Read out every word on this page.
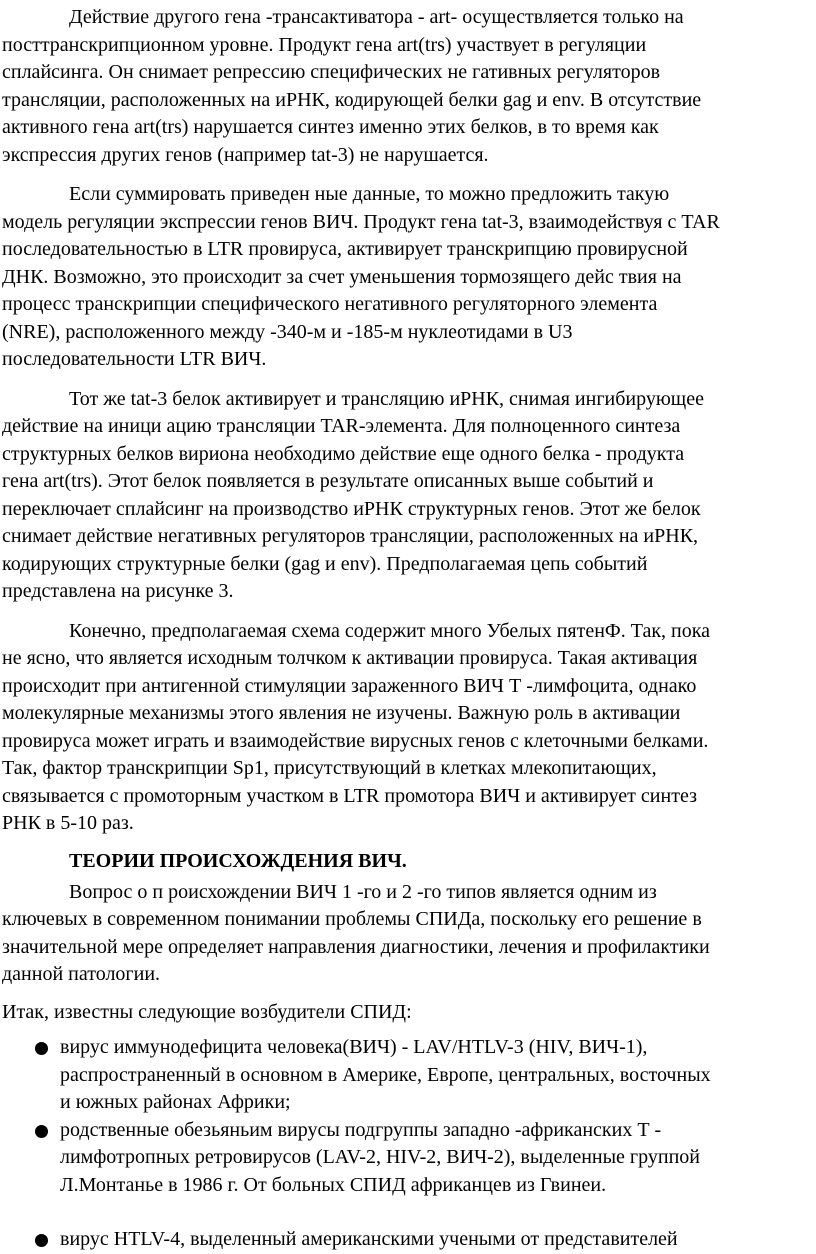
Действие другого гена -трансактиватора - art- осуществляется только на
посттранскрипционном уровне. Продукт гена art(trs) участвует в регуляции
сплайсинга. Он снимает репрессию специфических не гативных регуляторов
трансляции, расположенных на иРНК, кодирующей белки gag и env. В отсутствие
активного гена art(trs) нарушается синтез именно этих белков, в то время как
экспрессия других генов (например tat-3) не нарушается.

Если суммировать приведен ные данные, то можно предложить такую
модель регуляции экспрессии генов ВИЧ. Продукт гена tat-3, взаимодействуя с TAR
последовательностью в LTR провируса, активирует транскрипцию провирусной
ДНК. Возможно, это происходит за счет уменьшения тормозящего дейс твия на
процесс транскрипции специфического негативного регуляторного элемента
(NRE), расположенного между -340-м и -185-м нуклеотидами в U3
последовательности LTR ВИЧ.

Тот же tat-3 белок активирует и трансляцию иРНК, снимая ингибирующее
действие на иници ацию трансляции TAR-элемента. Для полноценного синтеза
структурных белков вириона необходимо действие еще одного белка - продукта
гена art(trs). Этот белок появляется в результате описанных выше событий и
переключает сплайсинг на производство иРНК структурных генов. Этот же белок
снимает действие негативных регуляторов трансляции, расположенных на иРНК,
кодирующих структурные белки (gag и env). Предполагаемая цепь событий
представлена на рисунке 3.

Конечно, предполагаемая схема содержит много Убелых пятенФ. Так, пока
не ясно, что является исходным толчком к активации провируса. Такая активация
происходит при антигенной стимуляции зараженного ВИЧ Т -лимфоцита, однако
молекулярные механизмы этого явления не изучены. Важную роль в активации
провируса может играть и взаимодействие вирусных генов с клеточными белками.
Так, фактор транскрипции Sp1, присутствующий в клетках млекопитающих,
связывается с промоторным участком в LTR промотора ВИЧ и активирует синтез
РНК в 5-10 раз.

ТЕОРИИ ПРОИСХОЖДЕНИЯ ВИЧ.

Вопрос о п роисхождении ВИЧ 1 -го и 2 -го типов является одним из
ключевых в современном понимании проблемы СПИДа, поскольку его решение в
значительной мере определяет направления диагностики, лечения и профилактики
данной патологии.

Итак, известны следующие возбудители СПИД:

вирус иммунодефицита человека(ВИЧ) - LAV/HTLV-3 (HIV, ВИЧ-1),
распространенный в основном в Америке, Европе, центральных, восточных
и южных районах Африки;
родственные обезьяньим вирусы подгруппы западно -африканских Т -
лимфотропных ретровирусов (LAV-2, HIV-2, ВИЧ-2), выделенные группой
Л.Монтанье в 1986 г. От больных СПИД африканцев из Гвинеи.
вирус HTLV-4, выделенный американскими учеными от представителей
